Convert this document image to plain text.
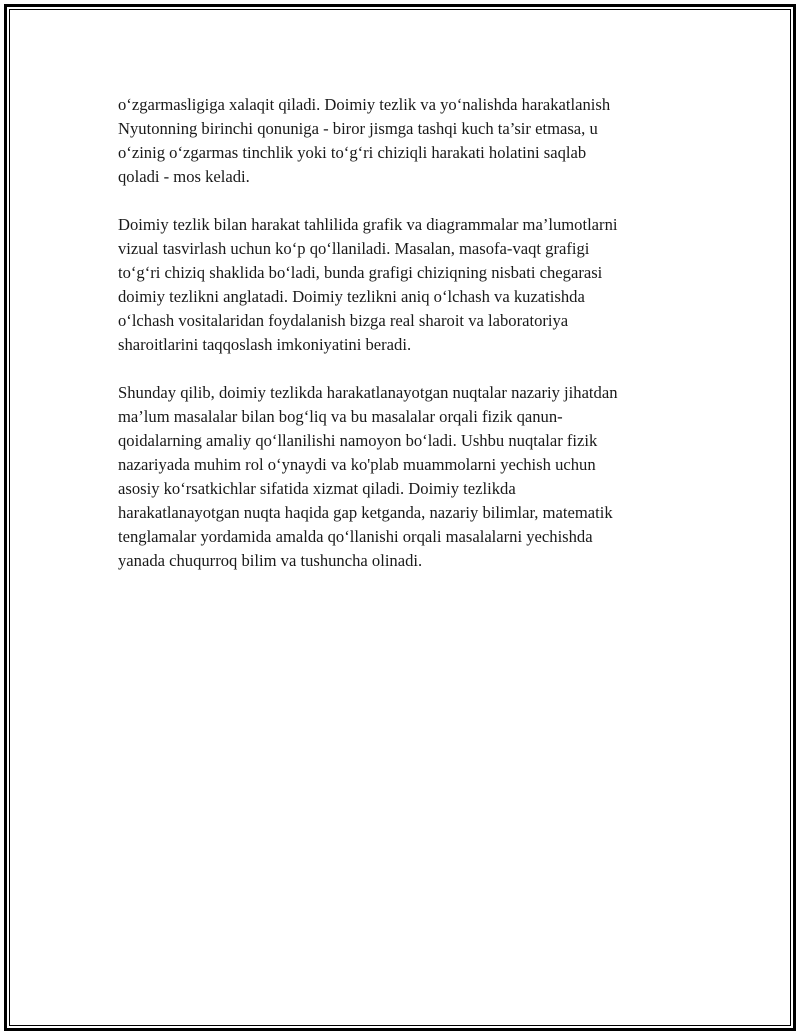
o‘zgarmasligiga xalaqit qiladi. Doimiy tezlik va yo‘nalishda harakatlanish
Nyutonning birinchi qonuniga - biror jismga tashqi kuch ta’sir etmasa, u
o‘zinig o‘zgarmas tinchlik yoki to‘g‘ri chiziqli harakati holatini saqlab
qoladi - mos keladi.

Doimiy tezlik bilan harakat tahlilida grafik va diagrammalar ma’lumotlarni
vizual tasvirlash uchun ko‘p qo‘llaniladi. Masalan, masofa-vaqt grafigi
to‘g‘ri chiziq shaklida bo‘ladi, bunda grafigi chiziqning nisbati chegarasi
doimiy tezlikni anglatadi. Doimiy tezlikni aniq o‘lchash va kuzatishda
o‘lchash vositalaridan foydalanish bizga real sharoit va laboratoriya
sharoitlarini taqqoslash imkoniyatini beradi.

Shunday qilib, doimiy tezlikda harakatlanayotgan nuqtalar nazariy jihatdan
ma’lum masalalar bilan bog‘liq va bu masalalar orqali fizik qanun-
qoidalarning amaliy qo‘llanilishi namoyon bo‘ladi. Ushbu nuqtalar fizik
nazariyada muhim rol o‘ynaydi va ko'plab muammolarni yechish uchun
asosiy ko‘rsatkichlar sifatida xizmat qiladi. Doimiy tezlikda
harakatlanayotgan nuqta haqida gap ketganda, nazariy bilimlar, matematik
tenglamalar yordamida amalda qo‘llanishi orqali masalalarni yechishda
yanada chuqurroq bilim va tushuncha olinadi.
